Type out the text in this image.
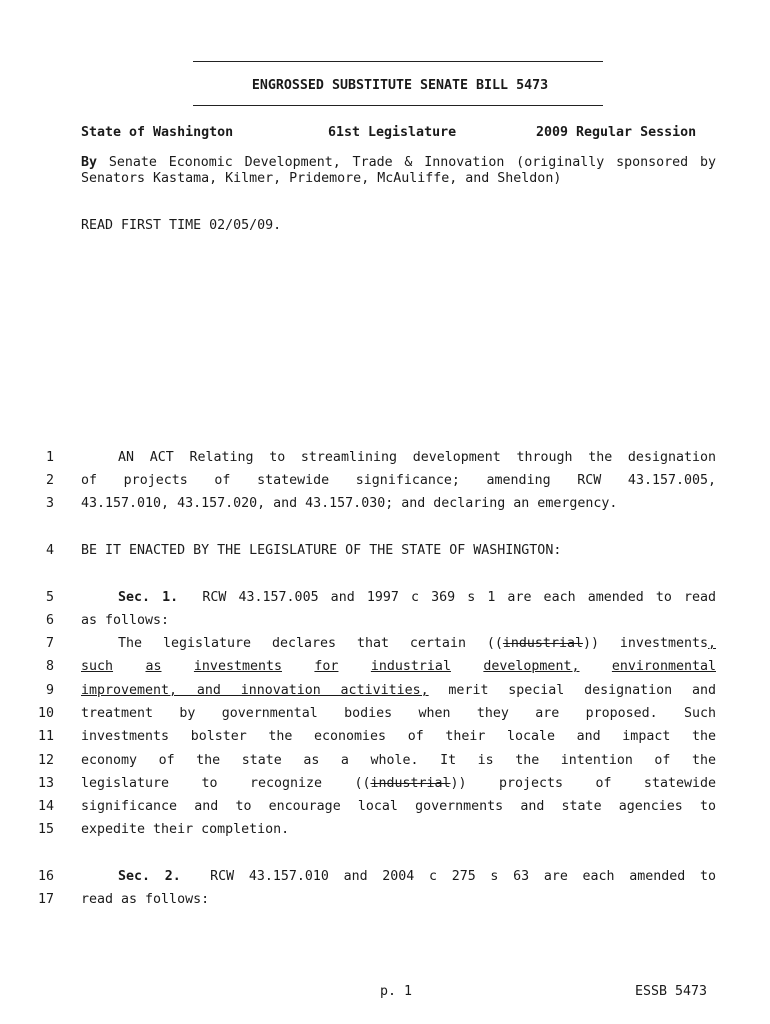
ENGROSSED SUBSTITUTE SENATE BILL 5473
State of Washington	61st Legislature	2009 Regular Session
By Senate Economic Development, Trade & Innovation (originally sponsored by Senators Kastama, Kilmer, Pridemore, McAuliffe, and Sheldon)
READ FIRST TIME 02/05/09.
1	AN ACT Relating to streamlining development through the designation
2 of projects of statewide significance; amending RCW 43.157.005,
3 43.157.010, 43.157.020, and 43.157.030; and declaring an emergency.
4 BE IT ENACTED BY THE LEGISLATURE OF THE STATE OF WASHINGTON:
5	Sec. 1. RCW 43.157.005 and 1997 c 369 s 1 are each amended to read
6 as follows:
7	The legislature declares that certain ((industrial)) investments,
8 such as investments for industrial development, environmental
9 improvement, and innovation activities, merit special designation and
10 treatment by governmental bodies when they are proposed. Such
11 investments bolster the economies of their locale and impact the
12 economy of the state as a whole. It is the intention of the
13 legislature to recognize ((industrial)) projects of statewide
14 significance and to encourage local governments and state agencies to
15 expedite their completion.
16	Sec. 2. RCW 43.157.010 and 2004 c 275 s 63 are each amended to
17 read as follows:
p. 1	ESSB 5473
